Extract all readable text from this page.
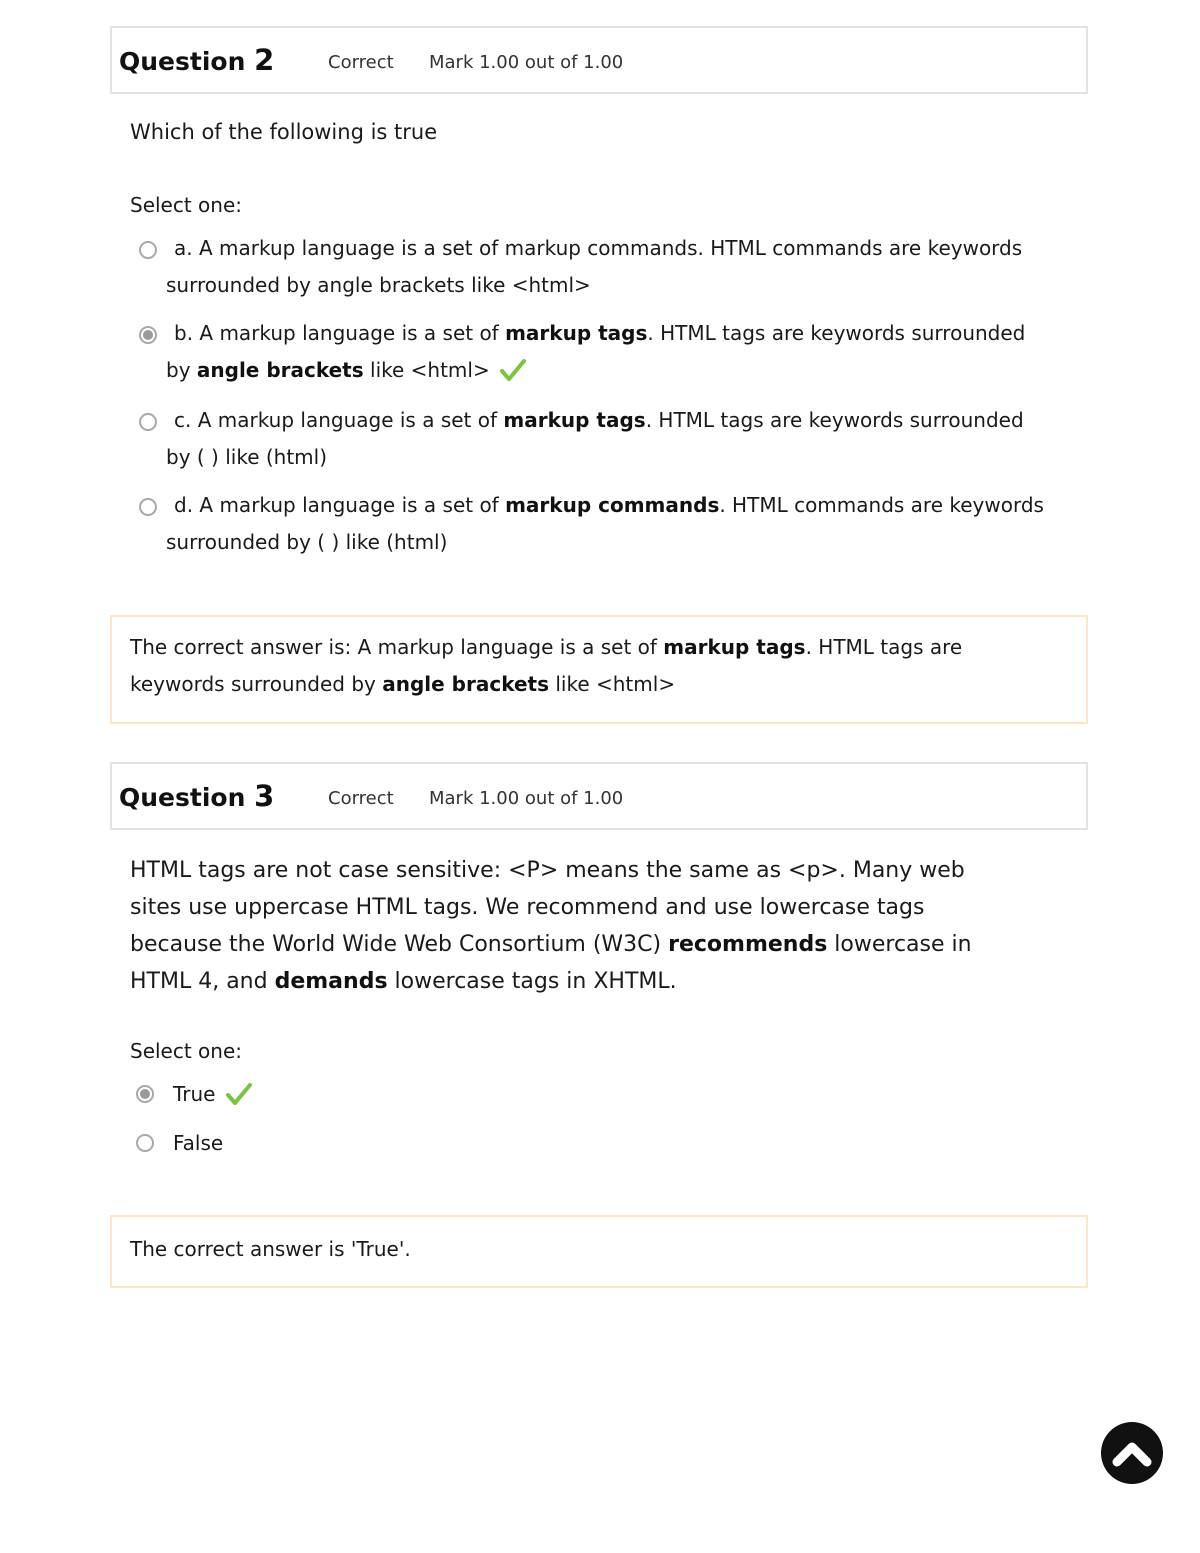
Question 2	Correct Mark 1.00 out of 1.00
Which of the following is true
Select one:
a. A markup language is a set of markup commands. HTML commands are keywords surrounded by angle brackets like <html>
b. A markup language is a set of markup tags. HTML tags are keywords surrounded by angle brackets like <html>
c. A markup language is a set of markup tags. HTML tags are keywords surrounded by ( ) like (html)
d. A markup language is a set of markup commands. HTML commands are keywords surrounded by ( ) like (html)
The correct answer is: A markup language is a set of markup tags. HTML tags are keywords surrounded by angle brackets like <html>
Question 3	Correct Mark 1.00 out of 1.00
HTML tags are not case sensitive: <P> means the same as <p>. Many web sites use uppercase HTML tags. We recommend and use lowercase tags because the World Wide Web Consortium (W3C) recommends lowercase in HTML 4, and demands lowercase tags in XHTML.
Select one:
True
False
The correct answer is 'True'.
